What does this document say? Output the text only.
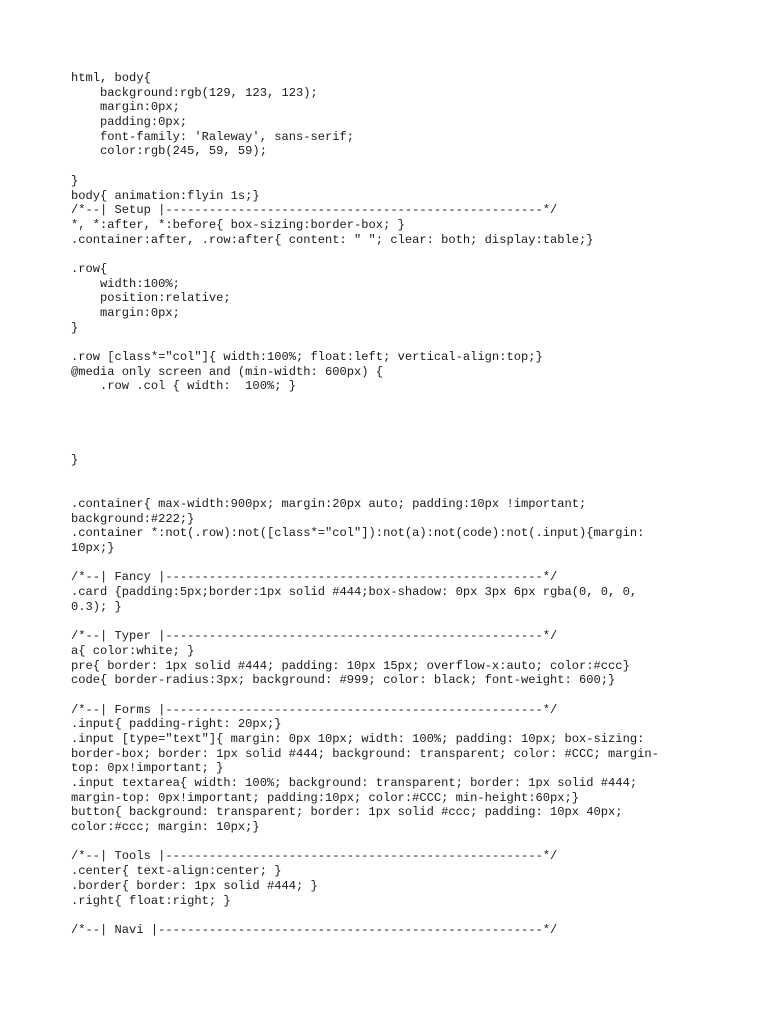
html, body{
background:rgb(129, 123, 123);
margin:0px;
padding:0px;
font-family: 'Raleway', sans-serif;
color:rgb(245, 59, 59);
}
body{ animation:flyin 1s;}
/*--| Setup |----------------------------------------------------*/
*, *:after, *:before{ box-sizing:border-box; }
.container:after, .row:after{ content: " "; clear: both; display:table;}
.row{
width:100%;
position:relative;
margin:0px;
}
.row [class*="col"]{ width:100%; float:left; vertical-align:top;}
@media only screen and (min-width: 600px) {
.row .col { width:  100%; }
}
.container{ max-width:900px; margin:20px auto; padding:10px !important;
background:#222;}
.container *:not(.row):not([class*="col"]):not(a):not(code):not(.input){margin:
10px;}
/*--| Fancy |----------------------------------------------------*/
.card {padding:5px;border:1px solid #444;box-shadow: 0px 3px 6px rgba(0, 0, 0,
0.3); }
/*--| Typer |----------------------------------------------------*/
a{ color:white; }
pre{ border: 1px solid #444; padding: 10px 15px; overflow-x:auto; color:#ccc}
code{ border-radius:3px; background: #999; color: black; font-weight: 600;}
/*--| Forms |----------------------------------------------------*/
.input{ padding-right: 20px;}
.input [type="text"]{ margin: 0px 10px; width: 100%; padding: 10px; box-sizing:
border-box; border: 1px solid #444; background: transparent; color: #CCC; margin-
top: 0px!important; }
.input textarea{ width: 100%; background: transparent; border: 1px solid #444;
margin-top: 0px!important; padding:10px; color:#CCC; min-height:60px;}
button{ background: transparent; border: 1px solid #ccc; padding: 10px 40px;
color:#ccc; margin: 10px;}
/*--| Tools |----------------------------------------------------*/
.center{ text-align:center; }
.border{ border: 1px solid #444; }
.right{ float:right; }
/*--| Navi |-----------------------------------------------------*/
